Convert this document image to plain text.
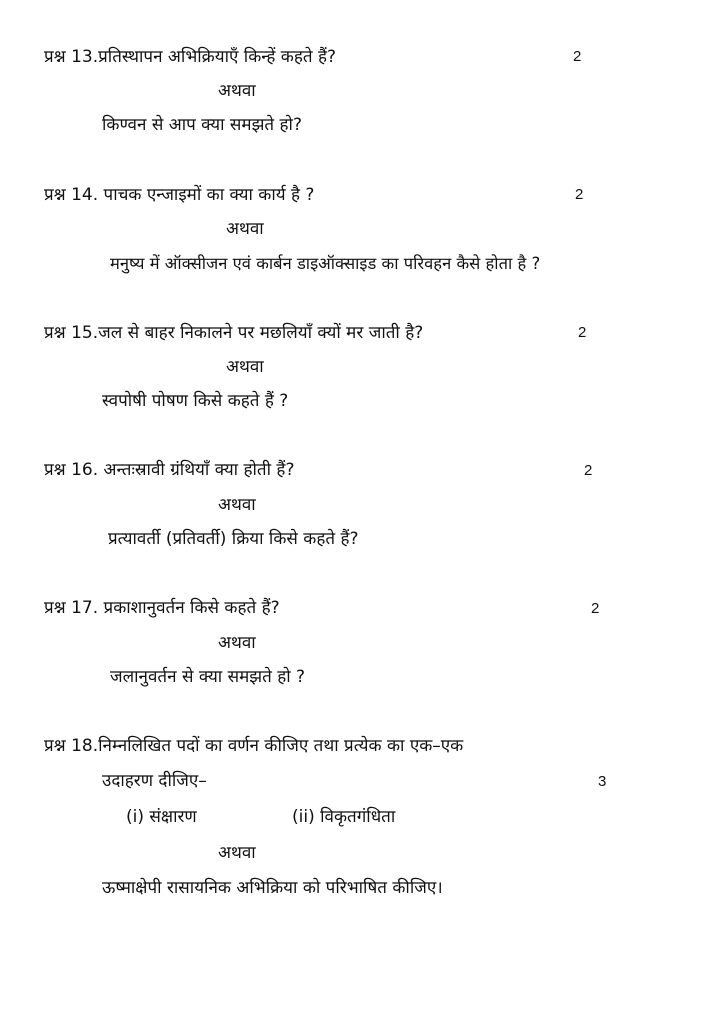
प्रश्न 13.प्रतिस्थापन अभिक्रियाएँ किन्हें कहते हैं?	2
अथवा
किण्वन से आप क्या समझते हो?
प्रश्न 14. पाचक एन्जाइमों का क्या कार्य है ?	2
अथवा
मनुष्य में ऑक्सीजन एवं कार्बन डाइऑक्साइड का परिवहन कैसे होता है ?
प्रश्न 15.जल से बाहर निकालने पर मछलियाँ क्यों मर जाती है?	2
अथवा
स्वपोषी पोषण किसे कहते हैं ?
प्रश्न 16. अन्तःस्रावी ग्रंथियाँ क्या होती हैं?	2
अथवा
प्रत्यावर्ती (प्रतिवर्ती) क्रिया किसे कहते हैं?
प्रश्न 17. प्रकाशानुवर्तन किसे कहते हैं?	2
अथवा
जलानुवर्तन से क्या समझते हो ?
प्रश्न 18.निम्नलिखित पदों का वर्णन कीजिए तथा प्रत्येक का एक–एक
उदाहरण दीजिए–	3
(i) संक्षारण	(ii) विकृतगंधिता
अथवा
ऊष्माक्षेपी रासायनिक अभिक्रिया को परिभाषित कीजिए।
